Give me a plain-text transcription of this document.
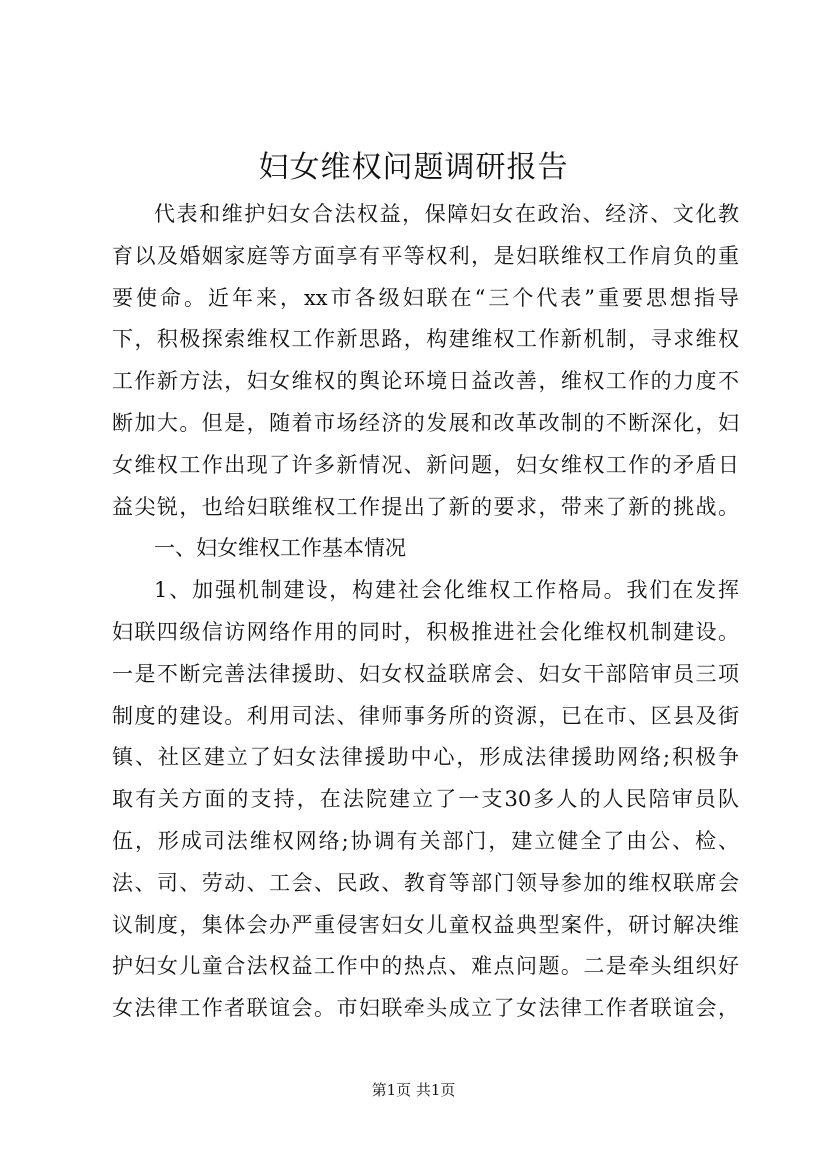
妇女维权问题调研报告
代表和维护妇女合法权益，保障妇女在政治、经济、文化教
育以及婚姻家庭等方面享有平等权利，是妇联维权工作肩负的重
要使命。近年来，xx市各级妇联在“三个代表”重要思想指导
下，积极探索维权工作新思路，构建维权工作新机制，寻求维权
工作新方法，妇女维权的舆论环境日益改善，维权工作的力度不
断加大。但是，随着市场经济的发展和改革改制的不断深化，妇
女维权工作出现了许多新情况、新问题，妇女维权工作的矛盾日
益尖锐，也给妇联维权工作提出了新的要求，带来了新的挑战。
一、妇女维权工作基本情况
1、加强机制建设，构建社会化维权工作格局。我们在发挥
妇联四级信访网络作用的同时，积极推进社会化维权机制建设。
一是不断完善法律援助、妇女权益联席会、妇女干部陪审员三项
制度的建设。利用司法、律师事务所的资源，已在市、区县及街
镇、社区建立了妇女法律援助中心，形成法律援助网络;积极争
取有关方面的支持，在法院建立了一支30多人的人民陪审员队
伍，形成司法维权网络;协调有关部门，建立健全了由公、检、
法、司、劳动、工会、民政、教育等部门领导参加的维权联席会
议制度，集体会办严重侵害妇女儿童权益典型案件，研讨解决维
护妇女儿童合法权益工作中的热点、难点问题。二是牵头组织好
女法律工作者联谊会。市妇联牵头成立了女法律工作者联谊会，
第1页 共1页
